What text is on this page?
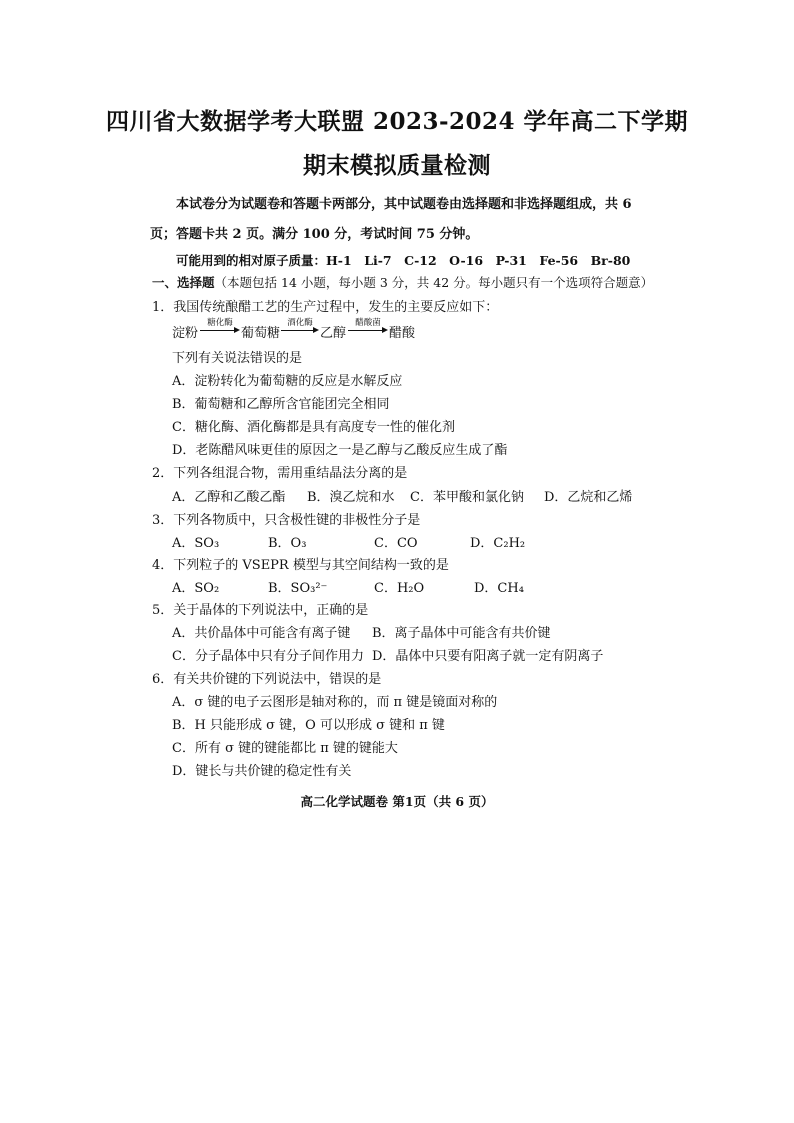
四川省大数据学考大联盟 2023-2024 学年高二下学期
期末模拟质量检测
本试卷分为试题卷和答题卡两部分，其中试题卷由选择题和非选择题组成，共 6 页；答题卡共 2 页。满分 100 分，考试时间 75 分钟。
可能用到的相对原子质量：H-1　Li-7　C-12　O-16　P-31　Fe-56　Br-80
一、选择题（本题包括 14 小题，每小题 3 分，共 42 分。每小题只有一个选项符合题意）
1．我国传统酿醋工艺的生产过程中，发生的主要反应如下：
淀粉
糖化酶
葡萄糖
酒化酶
乙醇
醋酸菌
醋酸
下列有关说法错误的是
A．淀粉转化为葡萄糖的反应是水解反应
B．葡萄糖和乙醇所含官能团完全相同
C．糖化酶、酒化酶都是具有高度专一性的催化剂
D．老陈醋风味更佳的原因之一是乙醇与乙酸反应生成了酯
2．下列各组混合物，需用重结晶法分离的是
A．乙醇和乙酸乙酯 B．溴乙烷和水 C．苯甲酸和氯化钠 D．乙烷和乙烯
3．下列各物质中，只含极性键的非极性分子是
A．SO₃	B．O₃	C．CO	D．C₂H₂
4．下列粒子的 VSEPR 模型与其空间结构一致的是
A．SO₂	B．SO₃²⁻	C．H₂O	D．CH₄
5．关于晶体的下列说法中，正确的是
A．共价晶体中可能含有离子键 B．离子晶体中可能含有共价键
C．分子晶体中只有分子间作用力 D．晶体中只要有阳离子就一定有阴离子
6．有关共价键的下列说法中，错误的是
A．σ 键的电子云图形是轴对称的，而 π 键是镜面对称的
B．H 只能形成 σ 键，O 可以形成 σ 键和 π 键
C．所有 σ 键的键能都比 π 键的键能大
D．键长与共价键的稳定性有关
高二化学试题卷 第1页（共 6 页）
